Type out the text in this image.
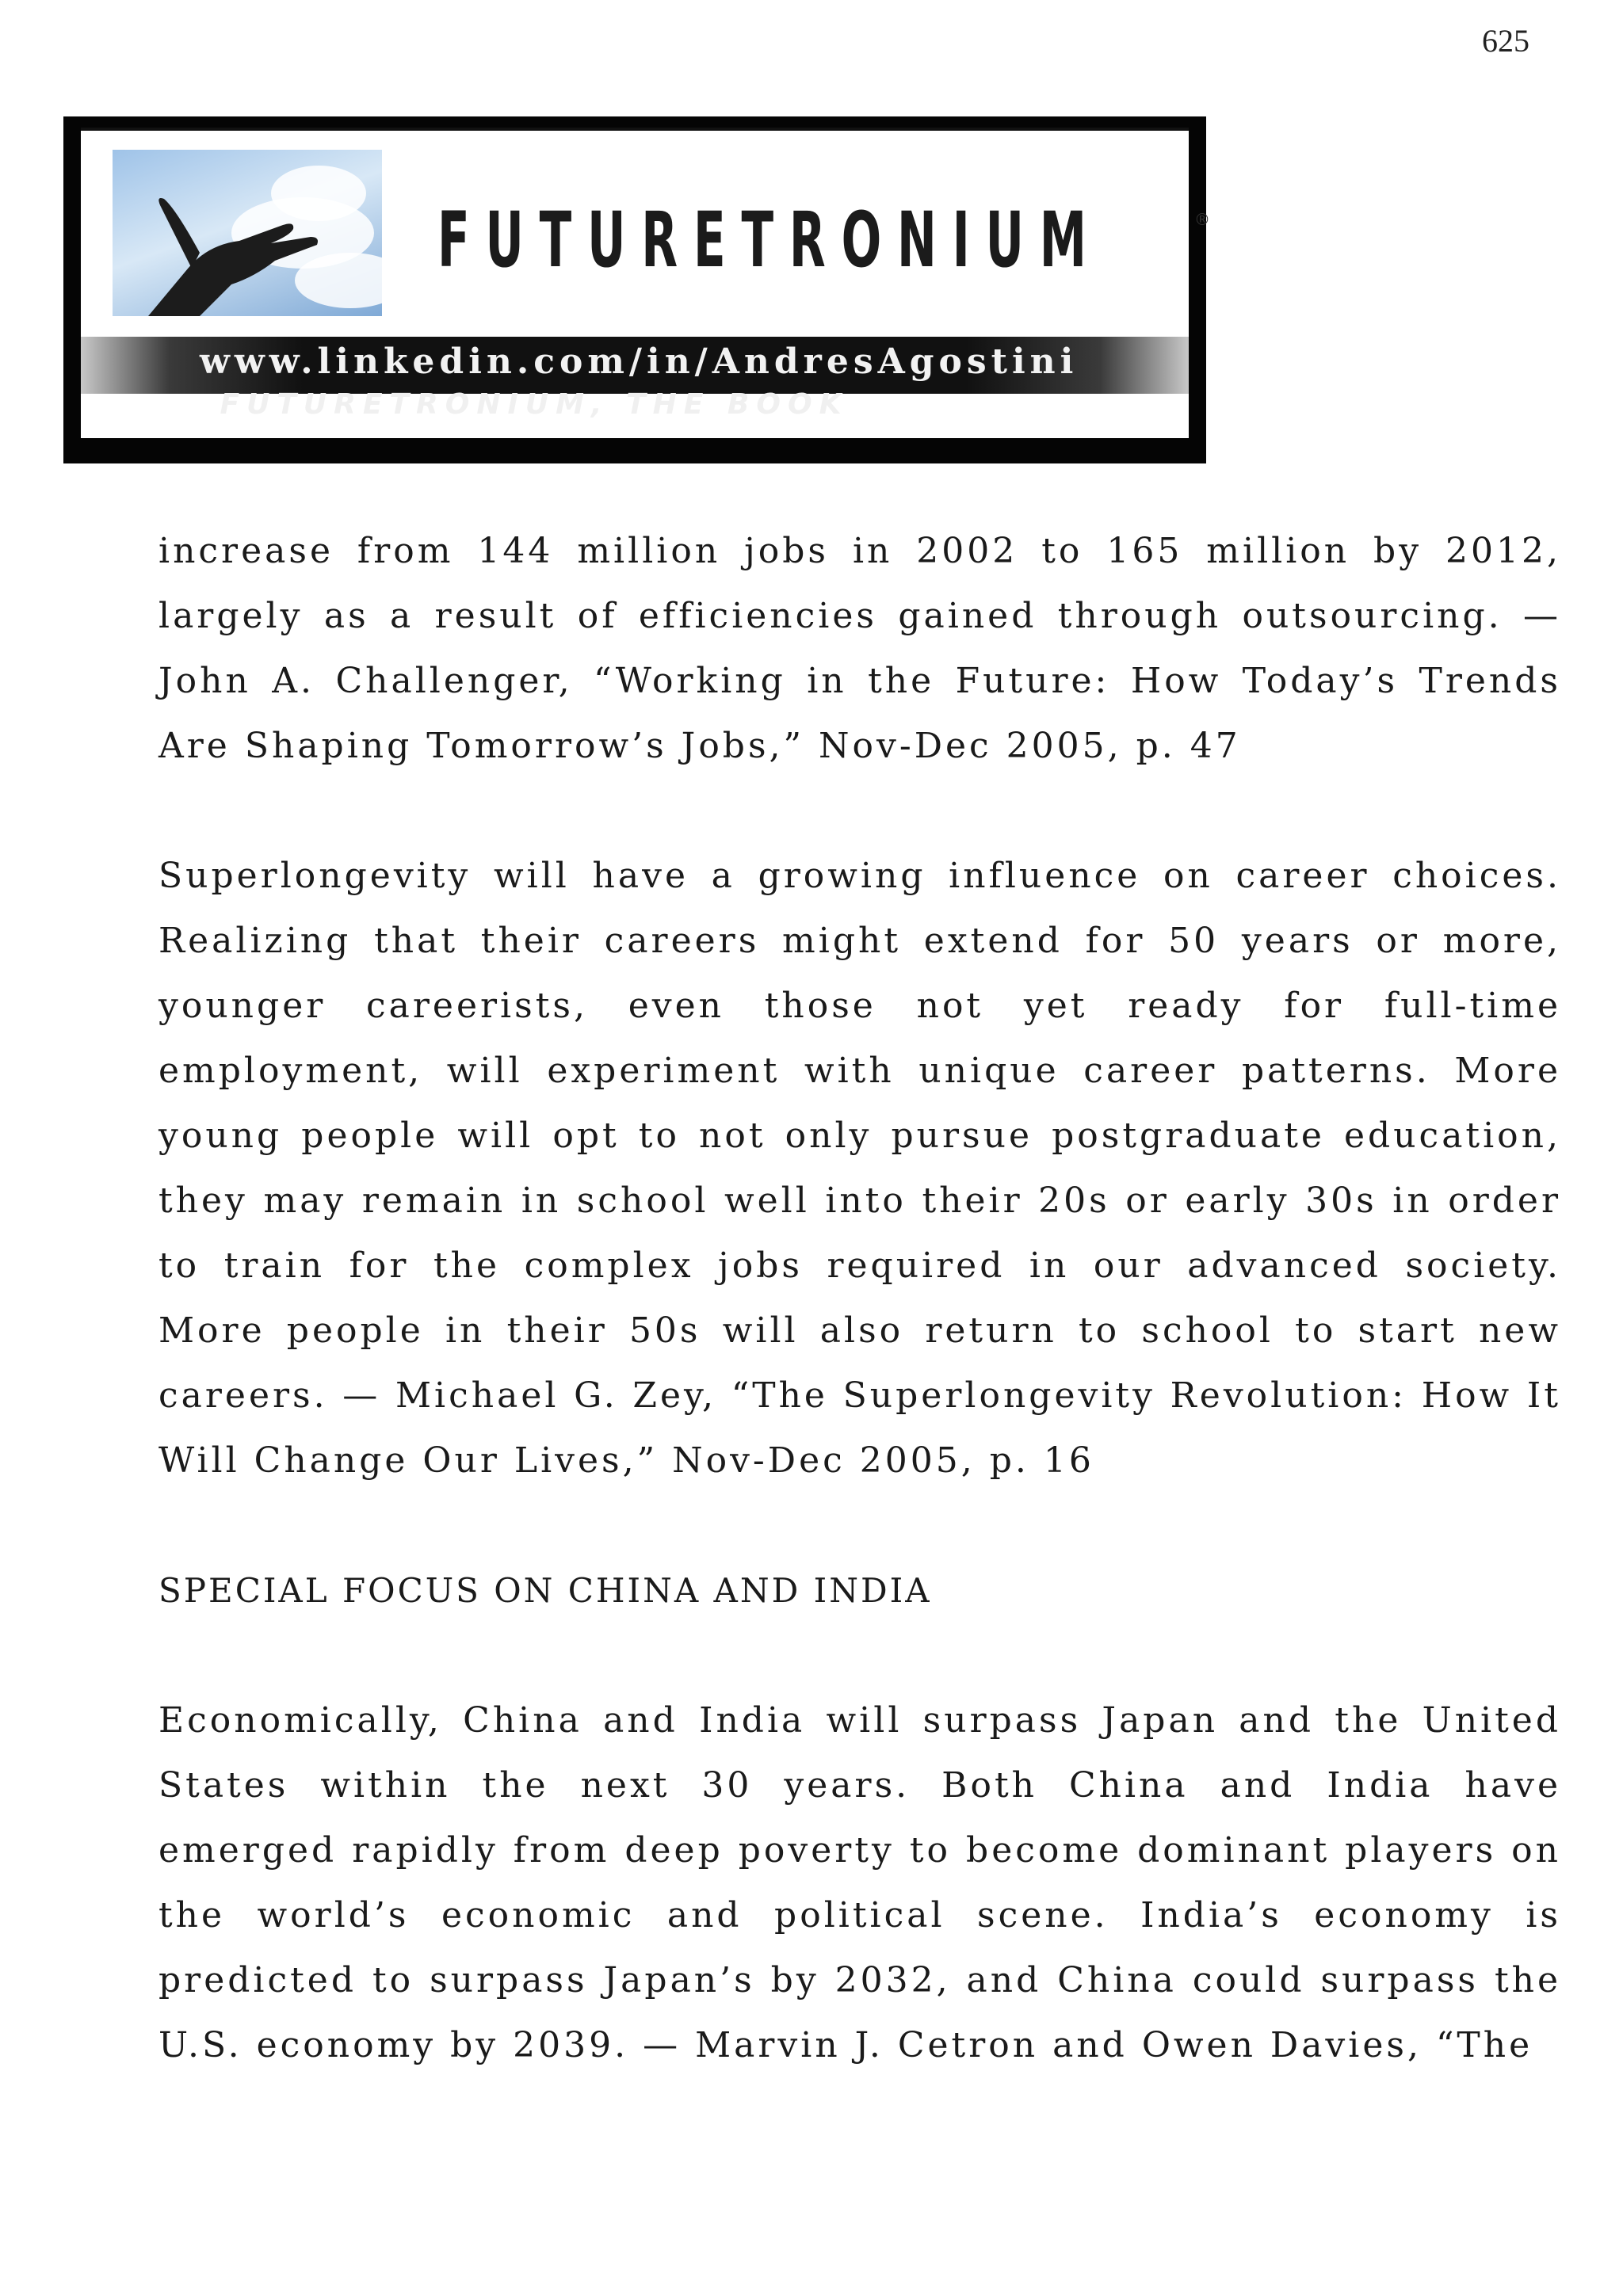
625
FUTURETRONIUM	®
www.linkedin.com/in/AndresAgostini
FUTURETRONIUM, THE BOOK

increase from 144 million jobs in 2002 to 165 million by 2012, largely as a result of efficiencies gained through outsourcing. — John A. Challenger, “Working in the Future: How Today’s Trends Are Shaping Tomorrow’s Jobs,” Nov-Dec 2005, p. 47

Superlongevity will have a growing influence on career choices. Realizing that their careers might extend for 50 years or more, younger careerists, even those not yet ready for full-time employment, will experiment with unique career patterns. More young people will opt to not only pursue postgraduate education, they may remain in school well into their 20s or early 30s in order to train for the complex jobs required in our advanced society. More people in their 50s will also return to school to start new careers. — Michael G. Zey, “The Superlongevity Revolution: How It Will Change Our Lives,” Nov-Dec 2005, p. 16

SPECIAL FOCUS ON CHINA AND INDIA

Economically, China and India will surpass Japan and the United States within the next 30 years. Both China and India have emerged rapidly from deep poverty to become dominant players on the world’s economic and political scene. India’s economy is predicted to surpass Japan’s by 2032, and China could surpass the U.S. economy by 2039. — Marvin J. Cetron and Owen Davies, “The
